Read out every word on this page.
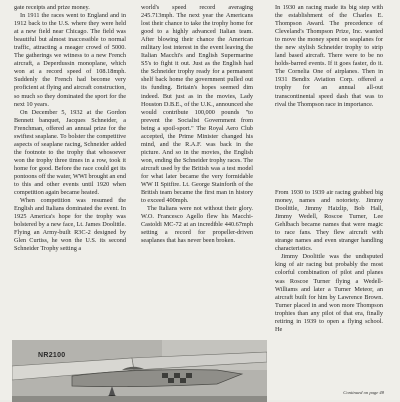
gate receipts and prize money.

In 1911 the races went to England and in 1912 back to the U.S. where they were held at a new field near Chicago. The field was beautiful but almost inaccessible to normal traffic, attracting a meager crowd of 5000. The gatherings we witness to a new French aircraft, a Deperdussin monoplane, which won at a record speed of 108.18mph. Suddenly the French had become very proficient at flying and aircraft construction, so much so they dominated the sport for the next 10 years.

On December 5, 1932 at the Gordon Bennett banquet, Jacques Schneider, a Frenchman, offered an annual prize for the swiftest seaplane. To bolster the competitive aspects of seaplane racing, Schneider added the footnote to the trophy that whosoever won the trophy three times in a row, took it home for good. Before the race could get its pontoons off the water, WWI brought an end to this and other events until 1920 when competition again became heated.

When competition was resumed the English and Italians dominated the event. In 1925 America's hope for the trophy was bolstered by a new face, Lt. James Doolittle. Flying an Army-built R3C-2 designed by Glen Curtiss, he won the U.S. its second Schneider Trophy setting a

world's speed record averaging 245.713mph. The next year the Americans lost their chance to take the trophy home for good to a highly advanced Italian team. After blowing their chance the American military lost interest in the event leaving the Italian Macchi's and English Supermarine S5's to fight it out. Just as the English had the Schneider trophy ready for a permanent shelf back home the government pulled out its funding. Britain's hopes seemed dim indeed. But just as in the movies, Lady Houston D.B.E., of the U.K., announced she would contribute 100,000 pounds "to prevent the Socialist Government from being a spoil-sport." The Royal Aero Club accepted, the Prime Minister changed his mind, and the R.A.F. was back in the picture. And so in the movies, the English won, ending the Schneider trophy races. The aircraft used by the British was a test model for what later became the very formidable WW II Spitfire. Lt. George Stainforth of the British team became the first man in history to exceed 400mph.

The Italians were not without their glory. W.O. Francesco Agello flew his Macchi-Castoldi MC-72 at an incredible 440.67mph setting a record for propeller-driven seaplanes that has never been broken.

In 1930 an racing made its big step with the establishment of the Charles E. Thompson Award. The precedence of Cleveland's Thompson Prize, Inc. wanted to move the money spent on seaplanes for the new stylish Schneider trophy to strip land based aircraft. There were to be no holds-barred events. If it goes faster, do it. The Cornelia One of airplanes. Then in 1931 Bendix Aviation Corp. offered a trophy for an annual all-out transcontinental speed dash that was to rival the Thompson race in importance.

From 1930 to 1939 air racing grabbed big money, names and notoriety. Jimmy Doolittle, Jimmy Haizlip, Bob Hall, Jimmy Wedell, Roscoe Turner, Lee Gehlbach became names that were magic to race fans. They flew aircraft with strange names and even stranger handling characteristics.

Jimmy Doolittle was the undisputed king of air racing but probably the most colorful combination of pilot and planes was Roscoe Turner flying a Wedell-Williams and later a Turner Meteor, an aircraft built for him by Lawrence Brown. Turner placed in and won more Thompson trophies than any pilot of that era, finally retiring in 1939 to open a flying school. He

Continued on page 48
NR2100
